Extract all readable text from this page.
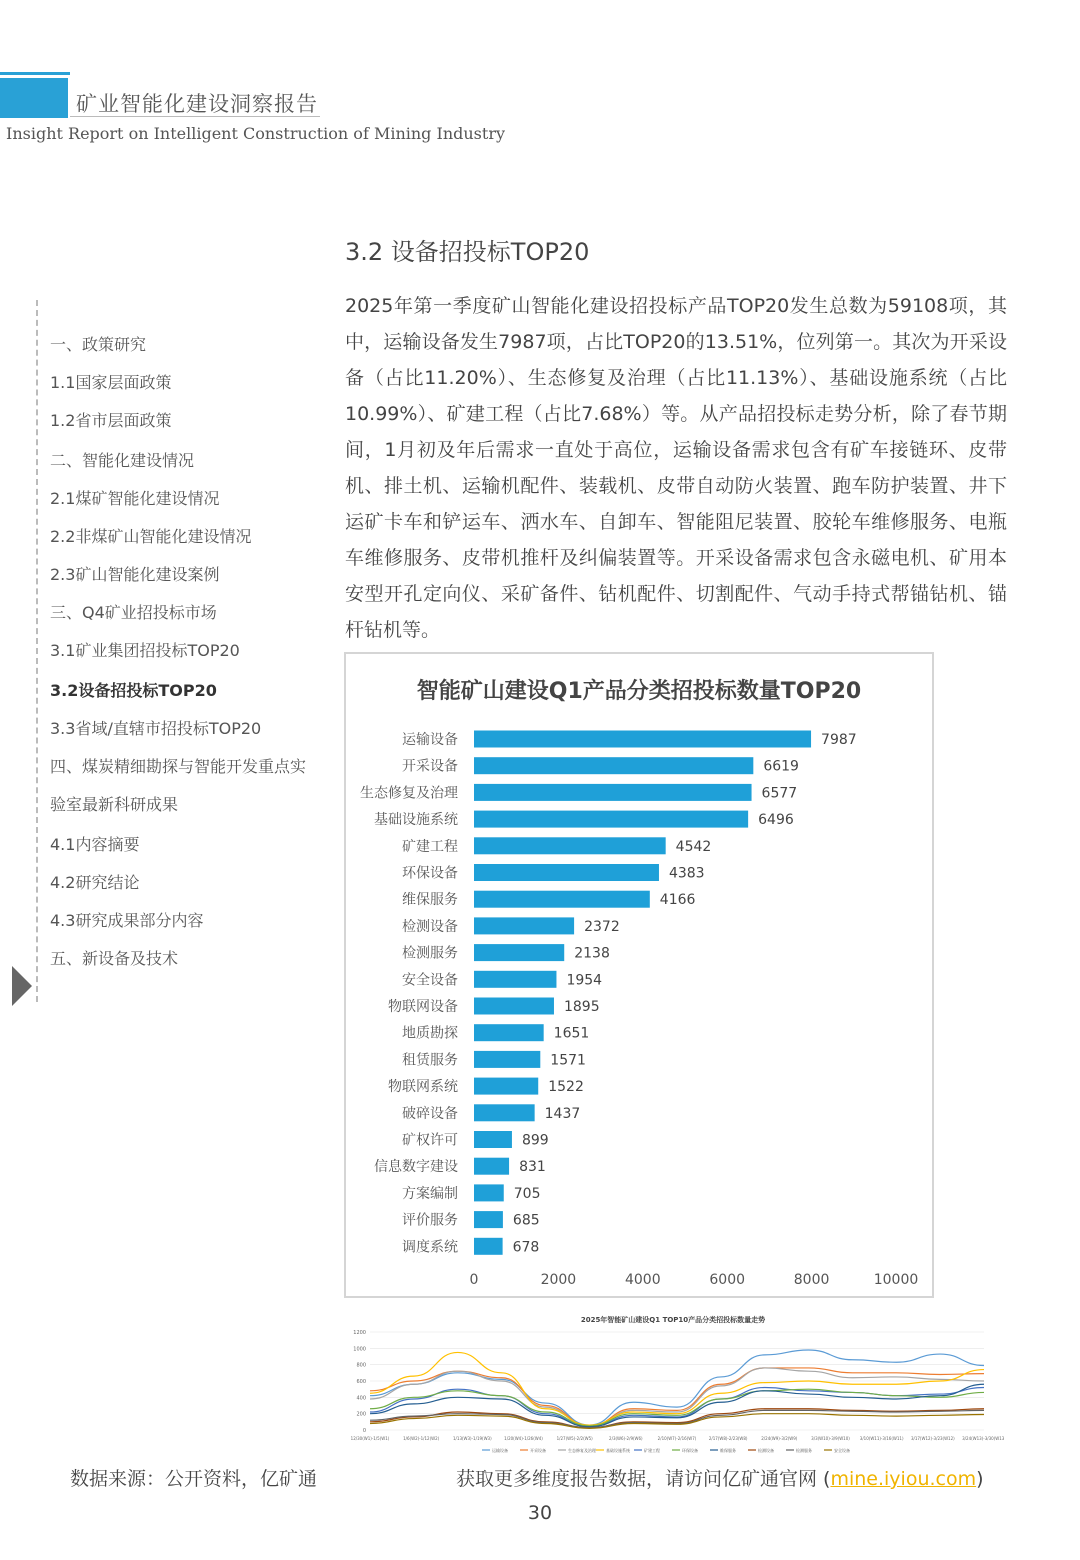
矿业智能化建设洞察报告
Insight Report on Intelligent Construction of Mining Industry
一、政策研究
1.1国家层面政策
1.2省市层面政策
二、智能化建设情况
2.1煤矿智能化建设情况
2.2非煤矿山智能化建设情况
2.3矿山智能化建设案例
三、Q4矿业招投标市场
3.1矿业集团招投标TOP20
3.2设备招投标TOP20
3.3省域/直辖市招投标TOP20
四、煤炭精细勘探与智能开发重点实
验室最新科研成果
4.1内容摘要
4.2研究结论
4.3研究成果部分内容
五、新设备及技术
3.2 设备招投标TOP20
2025年第一季度矿山智能化建设招投标产品TOP20发生总数为59108项，其中，运输设备发生7987项，占比TOP20的13.51%，位列第一。其次为开采设备（占比11.20%）、生态修复及治理（占比11.13%）、基础设施系统（占比10.99%）、矿建工程（占比7.68%）等。从产品招投标走势分析，除了春节期间，1月初及年后需求一直处于高位，运输设备需求包含有矿车接链环、皮带机、排土机、运输机配件、装载机、皮带自动防火装置、跑车防护装置、井下运矿卡车和铲运车、洒水车、自卸车、智能阻尼装置、胶轮车维修服务、电瓶车维修服务、皮带机推杆及纠偏装置等。开采设备需求包含永磁电机、矿用本安型开孔定向仪、采矿备件、钻机配件、切割配件、气动手持式帮锚钻机、锚杆钻机等。
智能矿山建设Q1产品分类招投标数量TOP20
运输设备	7987
开采设备	6619
生态修复及治理	6577
基础设施系统	6496
矿建工程	4542
环保设备	4383
维保服务	4166
检测设备	2372
检测服务	2138
安全设备	1954
物联网设备	1895
地质勘探	1651
租赁服务	1571
物联网系统	1522
破碎设备	1437
矿权许可	899
信息数字建设	831
方案编制	705
评价服务	685
调度系统	678
0	2000	4000	6000	8000	10000
2025年智能矿山建设Q1 TOP10产品分类招投标数量走势
0
200
400
600
800
1000
1200
12/30(W1)-1/5(W1)	1/6(W2)-1/12(W2)	1/13(W3)-1/19(W3)	1/20(W4)-1/26(W4)	1/27(W5)-2/2(W5)	2/3(W6)-2/9(W6)	2/10(W7)-2/16(W7)	2/17(W8)-2/23(W8)	2/24(W9)-3/2(W9)	3/3(W10)-3/9(W10) 3/10(W11)-3/16(W11) 3/17(W12)-3/23(W12) 3/24(W13)-3/30(W13)
运输设备	开采设备	生态修复及治理	基础设施系统	矿建工程	环保设备	维保服务	检测设备	检测服务	安全设备
数据来源：公开资料，亿矿通	获取更多维度报告数据，请访问亿矿通官网 (mine.iyiou.com)
30
